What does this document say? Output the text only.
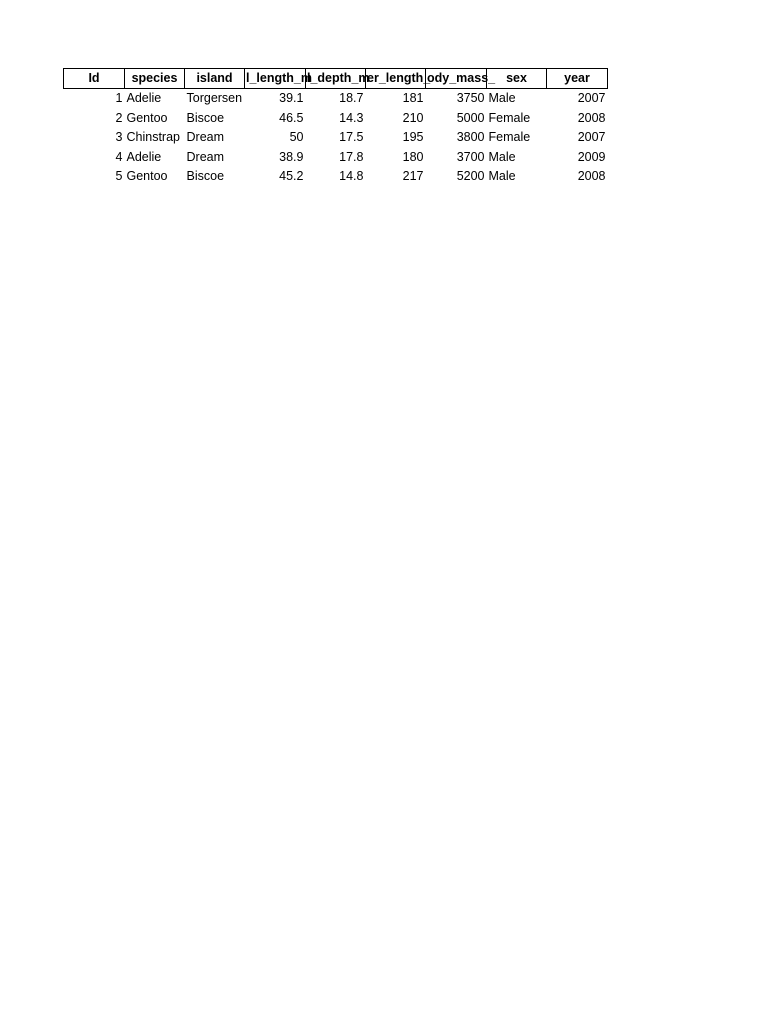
Id	species	island	l_length_m	l_depth_m	er_length_	ody_mass_	sex	year
1	Adelie	Torgersen	39.1	18.7	181	3750	Male	2007
2	Gentoo	Biscoe	46.5	14.3	210	5000	Female	2008
3	Chinstrap	Dream	50	17.5	195	3800	Female	2007
4	Adelie	Dream	38.9	17.8	180	3700	Male	2009
5	Gentoo	Biscoe	45.2	14.8	217	5200	Male	2008
